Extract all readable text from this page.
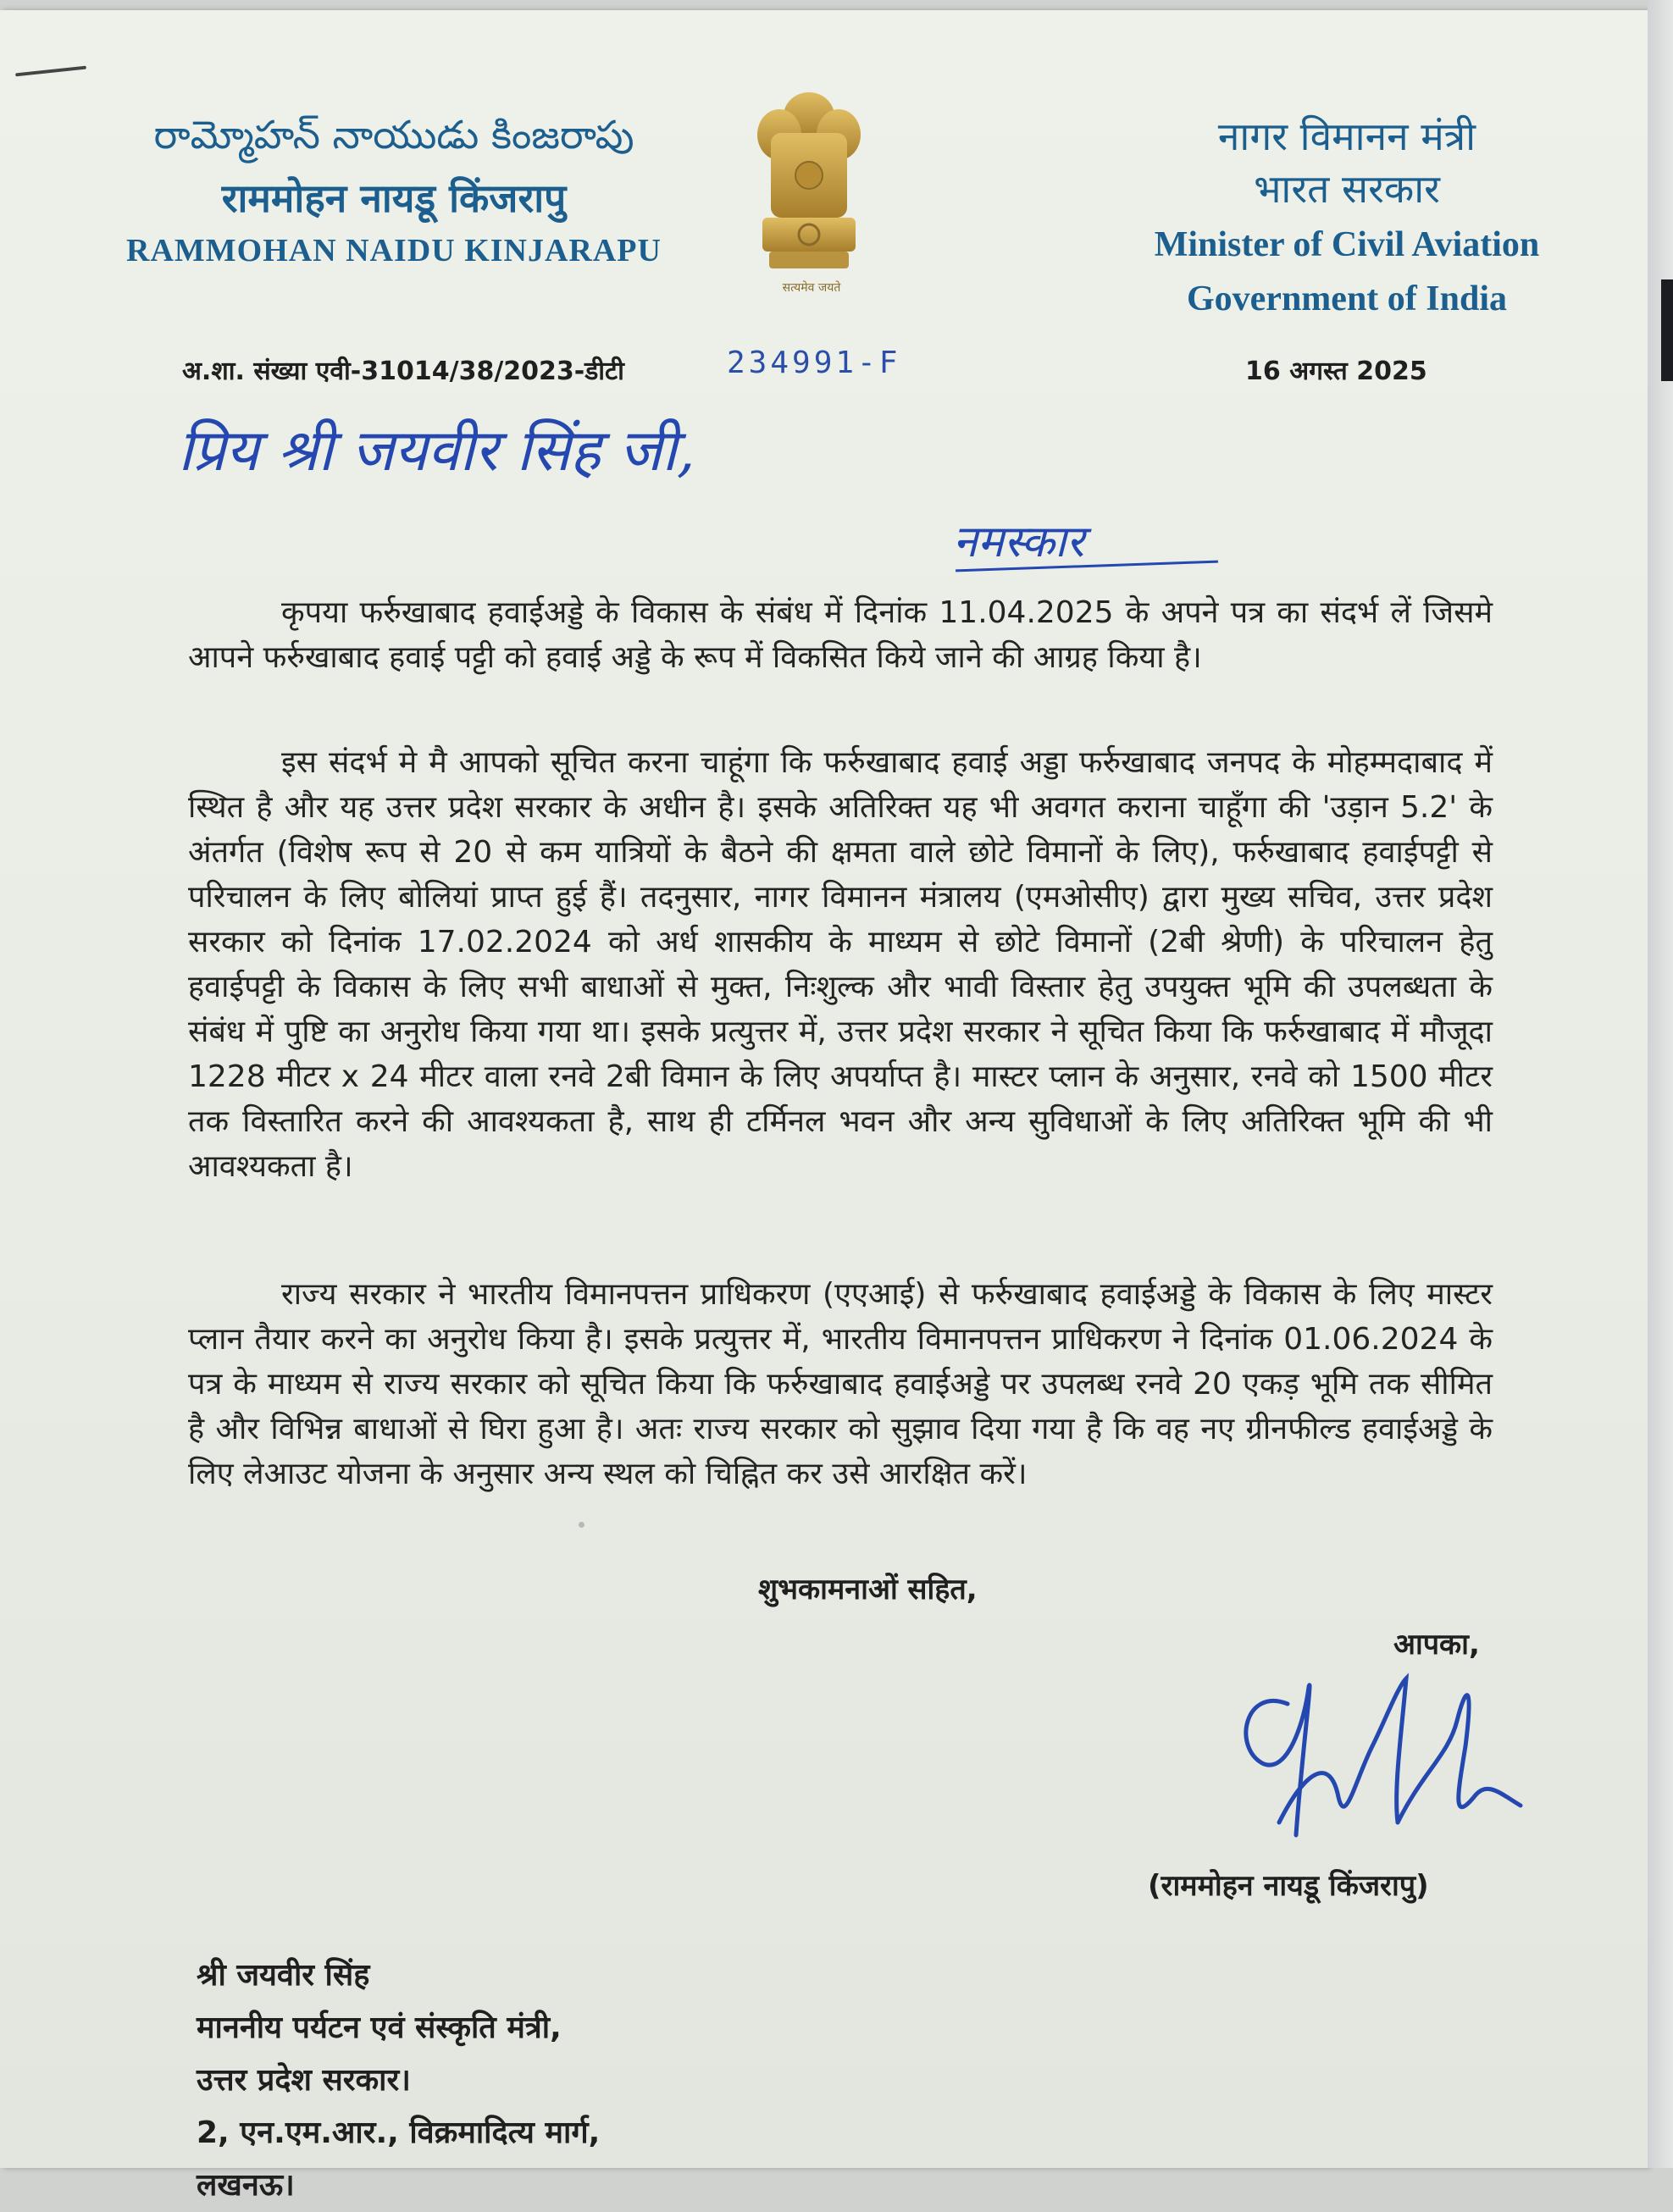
రామ్మోహన్ నాయుడు కింజరాపు
राममोहन नायडू किंजरापु
RAMMOHAN NAIDU KINJARAPU
सत्यमेव जयते
नागर विमानन मंत्री
भारत सरकार
Minister of Civil Aviation
Government of India
अ.शा. संख्या एवी-31014/38/2023-डीटी	234991-F	16 अगस्त 2025
प्रिय श्री जयवीर सिंह जी,
नमस्कार
कृपया फर्रुखाबाद हवाईअड्डे के विकास के संबंध में दिनांक 11.04.2025 के अपने पत्र का संदर्भ लें जिसमे आपने फर्रुखाबाद हवाई पट्टी को हवाई अड्डे के रूप में विकसित किये जाने की आग्रह किया है।
इस संदर्भ मे मै आपको सूचित करना चाहूंगा कि फर्रुखाबाद हवाई अड्डा फर्रुखाबाद जनपद के मोहम्मदाबाद में स्थित है और यह उत्तर प्रदेश सरकार के अधीन है। इसके अतिरिक्त यह भी अवगत कराना चाहूँगा की 'उड़ान 5.2' के अंतर्गत (विशेष रूप से 20 से कम यात्रियों के बैठने की क्षमता वाले छोटे विमानों के लिए), फर्रुखाबाद हवाईपट्टी से परिचालन के लिए बोलियां प्राप्त हुई हैं। तदनुसार, नागर विमानन मंत्रालय (एमओसीए) द्वारा मुख्य सचिव, उत्तर प्रदेश सरकार को दिनांक 17.02.2024 को अर्ध शासकीय के माध्यम से छोटे विमानों (2बी श्रेणी) के परिचालन हेतु हवाईपट्टी के विकास के लिए सभी बाधाओं से मुक्त, निःशुल्क और भावी विस्तार हेतु उपयुक्त भूमि की उपलब्धता के संबंध में पुष्टि का अनुरोध किया गया था। इसके प्रत्युत्तर में, उत्तर प्रदेश सरकार ने सूचित किया कि फर्रुखाबाद में मौजूदा 1228 मीटर x 24 मीटर वाला रनवे 2बी विमान के लिए अपर्याप्त है। मास्टर प्लान के अनुसार, रनवे को 1500 मीटर तक विस्तारित करने की आवश्यकता है, साथ ही टर्मिनल भवन और अन्य सुविधाओं के लिए अतिरिक्त भूमि की भी आवश्यकता है।
राज्य सरकार ने भारतीय विमानपत्तन प्राधिकरण (एएआई) से फर्रुखाबाद हवाईअड्डे के विकास के लिए मास्टर प्लान तैयार करने का अनुरोध किया है। इसके प्रत्युत्तर में, भारतीय विमानपत्तन प्राधिकरण ने दिनांक 01.06.2024 के पत्र के माध्यम से राज्य सरकार को सूचित किया कि फर्रुखाबाद हवाईअड्डे पर उपलब्ध रनवे 20 एकड़ भूमि तक सीमित है और विभिन्न बाधाओं से घिरा हुआ है। अतः राज्य सरकार को सुझाव दिया गया है कि वह नए ग्रीनफील्ड हवाईअड्डे के लिए लेआउट योजना के अनुसार अन्य स्थल को चिह्नित कर उसे आरक्षित करें।
शुभकामनाओं सहित,
आपका,
(राममोहन नायडू किंजरापु)
श्री जयवीर सिंह
माननीय पर्यटन एवं संस्कृति मंत्री,
उत्तर प्रदेश सरकार।
2, एन.एम.आर., विक्रमादित्य मार्ग,
लखनऊ।
